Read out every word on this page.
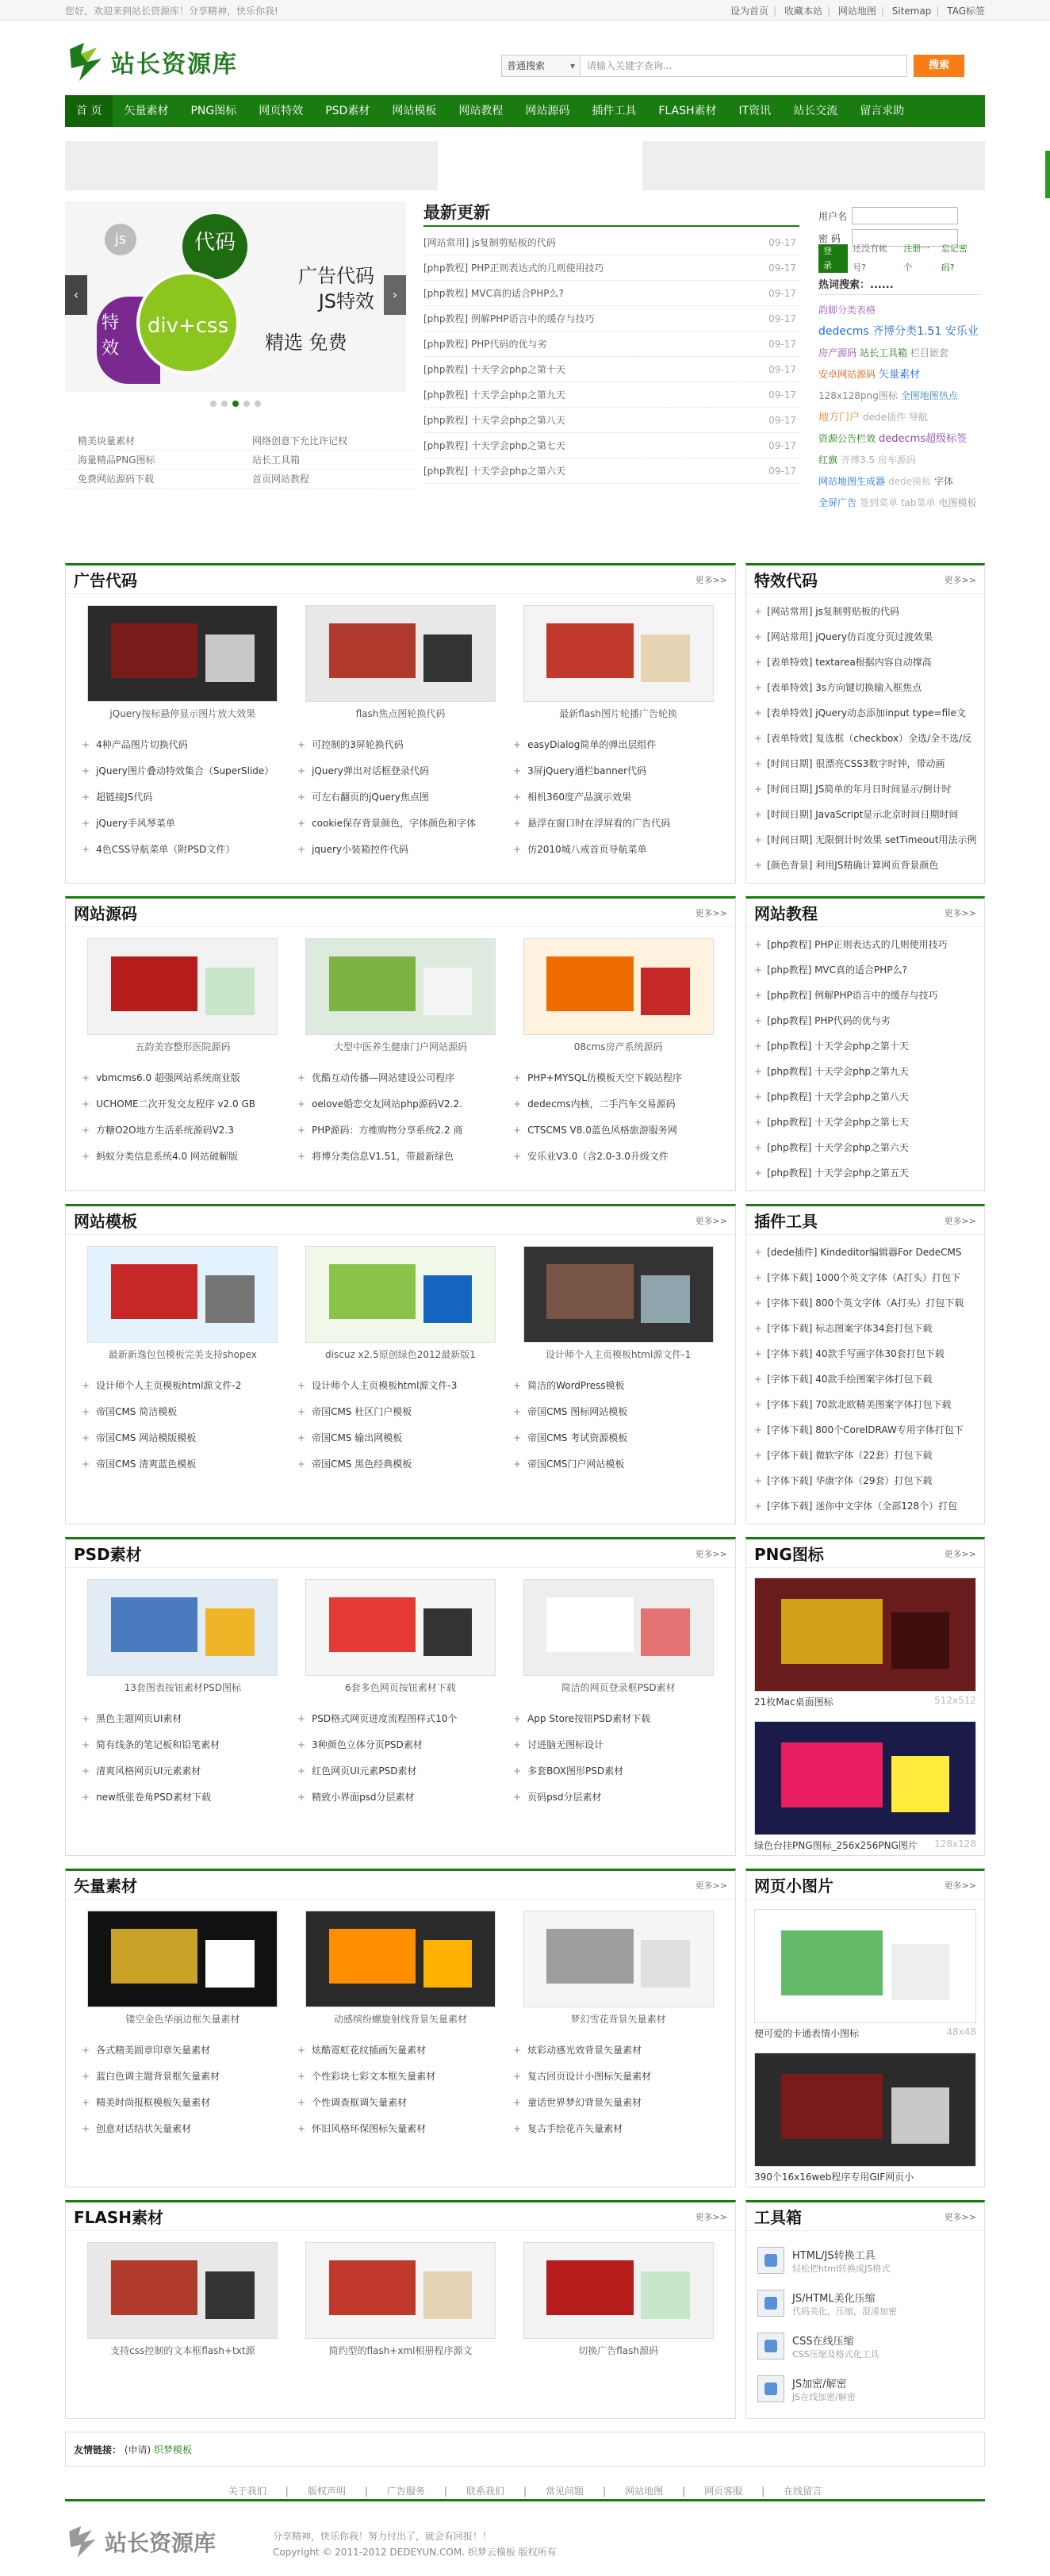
您好，欢迎来到站长资源库！分享精神，快乐你我!	设为首页 | 收藏本站 | 网站地图 | Sitemap | TAG标签
站长资源库	普通搜索 ▾	请输入关键字查询...	搜索
首 页	矢量素材	PNG图标	网页特效	PSD素材	网站模板	网站教程	网站源码	插件工具	FLASH素材	IT资讯	站长交流	留言求助
js	代码
特效
div+css
广告代码
JS特效
精选 免费
‹	›
精美块量素材	网络创意下允比许记权
海量精品PNG图标	站长工具箱
免费网站源码下载	首页网站教程
最新更新
[网站常用] js复制剪贴板的代码	09-17
[php教程] PHP正则表达式的几则使用技巧	09-17
[php教程] MVC真的适合PHP么?	09-17
[php教程] 例解PHP语言中的缓存与技巧	09-17
[php教程] PHP代码的优与劣	09-17
[php教程] 十天学会php之第十天	09-17
[php教程] 十天学会php之第九天	09-17
[php教程] 十天学会php之第八天	09-17
[php教程] 十天学会php之第七天	09-17
[php教程] 十天学会php之第六天	09-17
用户名
密 码
登 录
还没有帐号?
注册一个
忘记密码?
热词搜索：......
韵脚分类表格dedecms 齐博分类1.51 安乐业房产源码 站长工具箱 栏目嵌套安卓网站源码 矢量素材128x128png图标 全图地图热点地方门户 dede插件 导航资源公告栏效 dedecms超级标签红旗 齐博3.5 房车源码网站地图生成器 dede模板 字体全屏广告 签到菜单 tab菜单 电图模板
广告代码	更多>>
jQuery按标悬停显示图片放大效果	flash焦点图轮换代码	最新flash图片轮播广告轮换
+ 4种产品图片切换代码
+ jQuery图片叠动特效集合（SuperSlide）
+ 超链接JS代码
+ jQuery手风琴菜单
+ 4色CSS导航菜单（附PSD文件）
+ 可控制的3屏轮换代码
+ jQuery弹出对话框登录代码
+ 可左右翻页的jQuery焦点图
+ cookie保存背景颜色，字体颜色和字体
+ jquery小装箱控件代码
+ easyDialog简单的弹出层组件
+ 3屏jQuery通栏banner代码
+ 相机360度产品演示效果
+ 悬浮在窗口时在浮屏看的广告代码
+ 仿2010城八戒首页导航菜单
特效代码	更多>>
+ [网站常用] js复制剪贴板的代码
+ [网站常用] jQuery仿百度分页过渡效果
+ [表单特效] textarea根据内容自动撑高
+ [表单特效] 3s方向键切换输入框焦点
+ [表单特效] jQuery动态添加input type=file文
+ [表单特效] 复选框（checkbox）全选/全不选/反
+ [时间日期] 很漂亮CSS3数字时钟，带动画
+ [时间日期] JS简单的年月日时间显示/倒计时
+ [时间日期] JavaScript显示北京时间日期时间
+ [时间日期] 无限倒计时效果 setTimeout用法示例
+ [颜色背景] 利用JS精确计算网页背景颜色
网站源码	更多>>
五韵美容整形医院源码	大型中医养生健康门户网站源码	08cms房产系统源码
+ vbmcms6.0 超强网站系统商业版
+ UCHOME二次开发交友程序 v2.0 GB
+ 方糖O2O地方生活系统源码V2.3
+ 蚂蚁分类信息系统4.0 网站破解版
+ 优酷互动传播—网站建设公司程序
+ oelove婚恋交友网站php源码V2.2.
+ PHP源码：方维购物分享系统2.2 商
+ 将博分类信息V1.51，带最新绿色
+ PHP+MYSQL仿模板天空下载站程序
+ dedecms内核，二手汽车交易源码
+ CTSCMS V8.0蓝色风格旅游服务网
+ 安乐业V3.0（含2.0-3.0升级文件
网站教程	更多>>
+ [php教程] PHP正则表达式的几则使用技巧
+ [php教程] MVC真的适合PHP么?
+ [php教程] 例解PHP语言中的缓存与技巧
+ [php教程] PHP代码的优与劣
+ [php教程] 十天学会php之第十天
+ [php教程] 十天学会php之第九天
+ [php教程] 十天学会php之第八天
+ [php教程] 十天学会php之第七天
+ [php教程] 十天学会php之第六天
+ [php教程] 十天学会php之第五天
网站模板	更多>>
最新新逸包包模板完美支持shopex	discuz x2.5原创绿色2012最新版1	设计师个人主页模板html源文件-1
+ 设计师个人主页模板html源文件-2
+ 帝国CMS 简洁模板
+ 帝国CMS 网站模版模板
+ 帝国CMS 清爽蓝色模板
+ 设计师个人主页模板html源文件-3
+ 帝国CMS 杜区门户模板
+ 帝国CMS 输出网模板
+ 帝国CMS 黑色经典模板
+ 简洁的WordPress模板
+ 帝国CMS 图标网站模板
+ 帝国CMS 考试资源模板
+ 帝国CMS门户网站模板
插件工具	更多>>
+ [dede插件] Kindeditor编辑器For DedeCMS
+ [字体下载] 1000个英文字体（A打头）打包下
+ [字体下载] 800个英文字体（A打头）打包下载
+ [字体下载] 标志图案字体34套打包下载
+ [字体下载] 40款手写画字体30套打包下载
+ [字体下载] 40款手绘图案字体打包下载
+ [字体下载] 70款北欧精美图案字体打包下载
+ [字体下载] 800个CorelDRAW专用字体打包下
+ [字体下载] 微软字体（22套）打包下载
+ [字体下载] 华康字体（29套）打包下载
+ [字体下载] 迷你中文字体（全部128个）打包
PSD素材	更多>>
13套图表按钮素材PSD图标	6套多色网页按钮素材下载	简洁的网页登录框PSD素材
+ 黑色主题网页UI素材
+ 简有线条的笔记板和铅笔素材
+ 清爽风格网页UI元素素材
+ new纸张卷角PSD素材下载
+ PSD格式网页进度流程图样式10个
+ 3种颜色立体分页PSD素材
+ 红色网页UI元素PSD素材
+ 精致小界面psd分层素材
+ App Store按钮PSD素材下载
+ 讨进脑无图标设计
+ 多套BOX图形PSD素材
+ 页码psd分层素材
PNG图标	更多>>
21枚Mac桌面图标	512x512
绿色台挂PNG图标_256x256PNG图片 128x128
矢量素材	更多>>
镂空金色华丽边框矢量素材	动感缤纷螺旋射线背景矢量素材	梦幻雪花背景矢量素材
+ 各式精美圆章印章矢量素材
+ 蓝白色调主题背景框矢量素材
+ 精美时尚报框模板矢量素材
+ 创意对话结状矢量素材
+ 炫酷霓虹花纹插画矢量素材
+ 个性彩块七彩文本框矢量素材
+ 个性调查框调矢量素材
+ 怀旧风格环保图标矢量素材
+ 炫彩动感光效背景矢量素材
+ 复古回页设计小图标矢量素材
+ 童话世界梦幻背景矢量素材
+ 复古手绘花卉矢量素材
网页小图片	更多>>
便可爱的卡通表情小图标	48x48
390个16x16web程序专用GIF网页小
FLASH素材	更多>>
支持css控制的文本框flash+txt源	简约型的flash+xml相册程序源文	切换广告flash源码
工具箱	更多>>
HTML/JS转换工具
轻松把html转换成JS格式
JS/HTML美化压缩
代码美化，压缩，混淆加密
CSS在线压缩
CSS压缩及格式化工具
JS加密/解密
JS在线加密/解密
友情链接： (申请) 织梦模板
关于我们 | 版权声明 | 广告服务 | 联系我们 | 常见问题 | 网站地图 | 网页客服 | 在线留言
站长资源库	分享精神，快乐你我！努力付出了，就会有回报！！
Copyright © 2011-2012 DEDEYUN.COM. 织梦云模板 版权所有
